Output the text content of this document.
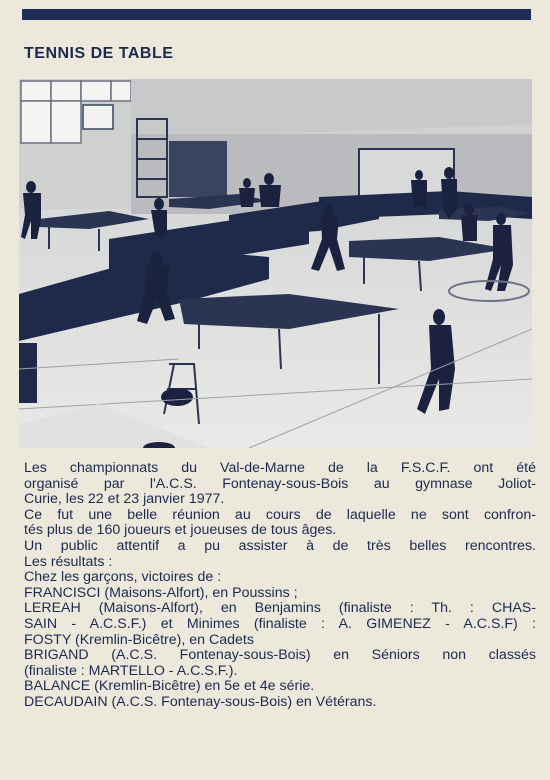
TENNIS DE TABLE

Les championnats du Val-de-Marne de la F.S.C.F. ont été

organisé par l'A.C.S. Fontenay-sous-Bois au gymnase Joliot-

Curie, les 22 et 23 janvier 1977.

Ce fut une belle réunion au cours de laquelle ne sont confron-

tés plus de 160 joueurs et joueuses de tous âges.

Un public attentif a pu assister à de très belles rencontres.

Les résultats :

Chez les garçons, victoires de :

FRANCISCI (Maisons-Alfort), en Poussins ;

LEREAH (Maisons-Alfort), en Benjamins (finaliste : Th. : CHAS-

SAIN - A.C.S.F.) et Minimes (finaliste : A. GIMENEZ - A.C.S.F) :

FOSTY (Kremlin-Bicêtre), en Cadets

BRIGAND (A.C.S. Fontenay-sous-Bois) en Séniors non classés

(finaliste : MARTELLO - A.C.S.F.).

BALANCE (Kremlin-Bicêtre) en 5e et 4e série.

DECAUDAIN (A.C.S. Fontenay-sous-Bois) en Vétérans.
